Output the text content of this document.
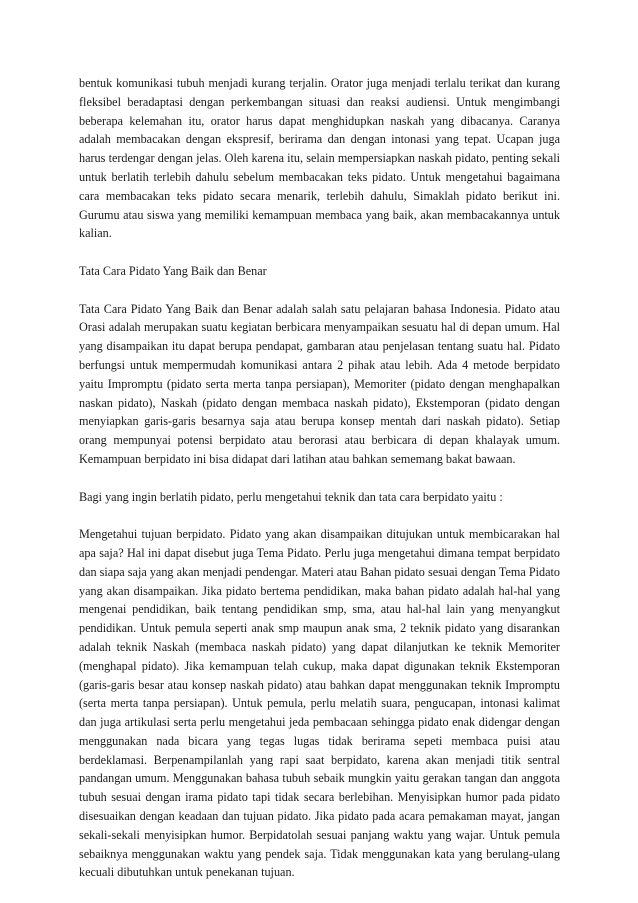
bentuk komunikasi tubuh menjadi kurang terjalin. Orator juga menjadi terlalu terikat dan kurang fleksibel beradaptasi dengan perkembangan situasi dan reaksi audiensi. Untuk mengimbangi beberapa kelemahan itu, orator harus dapat menghidupkan naskah yang dibacanya. Caranya adalah membacakan dengan ekspresif, berirama dan dengan intonasi yang tepat. Ucapan juga harus terdengar dengan jelas. Oleh karena itu, selain mempersiapkan naskah pidato, penting sekali untuk berlatih terlebih dahulu sebelum membacakan teks pidato. Untuk mengetahui bagaimana cara membacakan teks pidato secara menarik, terlebih dahulu, Simaklah pidato berikut ini. Gurumu atau siswa yang memiliki kemampuan membaca yang baik, akan membacakannya untuk kalian.

Tata Cara Pidato Yang Baik dan Benar

Tata Cara Pidato Yang Baik dan Benar adalah salah satu pelajaran bahasa Indonesia. Pidato atau Orasi adalah merupakan suatu kegiatan berbicara menyampaikan sesuatu hal di depan umum. Hal yang disampaikan itu dapat berupa pendapat, gambaran atau penjelasan tentang suatu hal. Pidato berfungsi untuk mempermudah komunikasi antara 2 pihak atau lebih. Ada 4 metode berpidato yaitu Impromptu (pidato serta merta tanpa persiapan), Memoriter (pidato dengan menghapalkan naskan pidato), Naskah (pidato dengan membaca naskah pidato), Ekstemporan (pidato dengan menyiapkan garis-garis besarnya saja atau berupa konsep mentah dari naskah pidato). Setiap orang mempunyai potensi berpidato atau berorasi atau berbicara di depan khalayak umum. Kemampuan berpidato ini bisa didapat dari latihan atau bahkan sememang bakat bawaan.

Bagi yang ingin berlatih pidato, perlu mengetahui teknik dan tata cara berpidato yaitu :

Mengetahui tujuan berpidato. Pidato yang akan disampaikan ditujukan untuk membicarakan hal apa saja? Hal ini dapat disebut juga Tema Pidato. Perlu juga mengetahui dimana tempat berpidato dan siapa saja yang akan menjadi pendengar. Materi atau Bahan pidato sesuai dengan Tema Pidato yang akan disampaikan. Jika pidato bertema pendidikan, maka bahan pidato adalah hal-hal yang mengenai pendidikan, baik tentang pendidikan smp, sma, atau hal-hal lain yang menyangkut pendidikan. Untuk pemula seperti anak smp maupun anak sma, 2 teknik pidato yang disarankan adalah teknik Naskah (membaca naskah pidato) yang dapat dilanjutkan ke teknik Memoriter (menghapal pidato). Jika kemampuan telah cukup, maka dapat digunakan teknik Ekstemporan (garis-garis besar atau konsep naskah pidato) atau bahkan dapat menggunakan teknik Impromptu (serta merta tanpa persiapan). Untuk pemula, perlu melatih suara, pengucapan, intonasi kalimat dan juga artikulasi serta perlu mengetahui jeda pembacaan sehingga pidato enak didengar dengan menggunakan nada bicara yang tegas lugas tidak berirama sepeti membaca puisi atau berdeklamasi. Berpenampilanlah yang rapi saat berpidato, karena akan menjadi titik sentral pandangan umum. Menggunakan bahasa tubuh sebaik mungkin yaitu gerakan tangan dan anggota tubuh sesuai dengan irama pidato tapi tidak secara berlebihan. Menyisipkan humor pada pidato disesuaikan dengan keadaan dan tujuan pidato. Jika pidato pada acara pemakaman mayat, jangan sekali-sekali menyisipkan humor. Berpidatolah sesuai panjang waktu yang wajar. Untuk pemula sebaiknya menggunakan waktu yang pendek saja. Tidak menggunakan kata yang berulang-ulang kecuali dibutuhkan untuk penekanan tujuan.
